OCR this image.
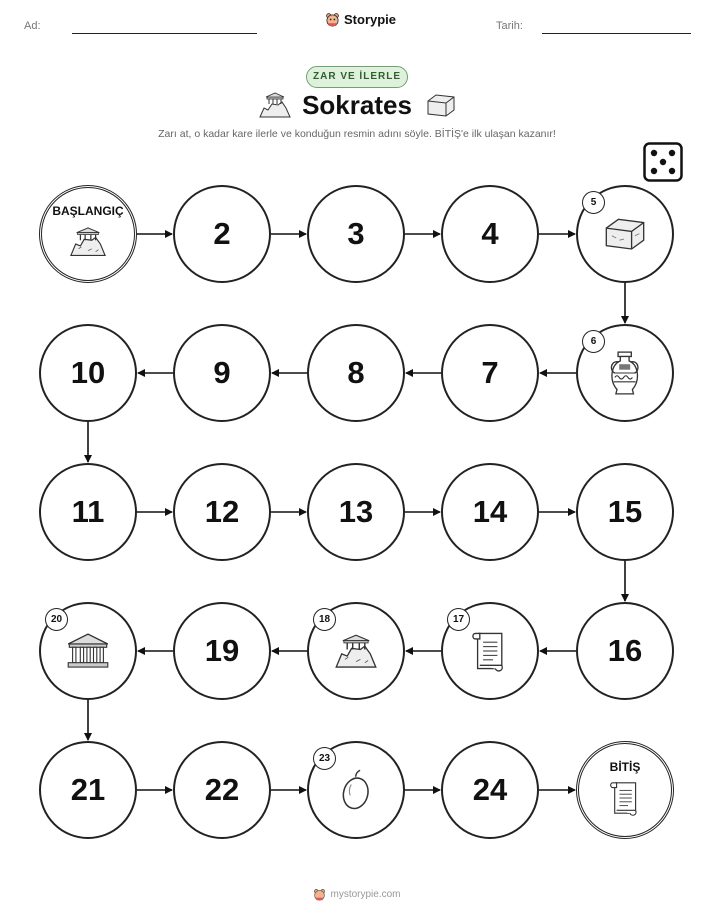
Ad:	Storypie	Tarih:
ZAR VE İLERLE
Sokrates
Zarı at, o kadar kare ilerle ve konduğun resmin adını söyle. BİTİŞ'e ilk ulaşan kazanır!
BAŞLANGIÇ
2	3	4
5
6
7
8
9
10
11	12	13	14	15
16
17
18
19
20
21	22
23
24
BİTİŞ
mystorypie.com
